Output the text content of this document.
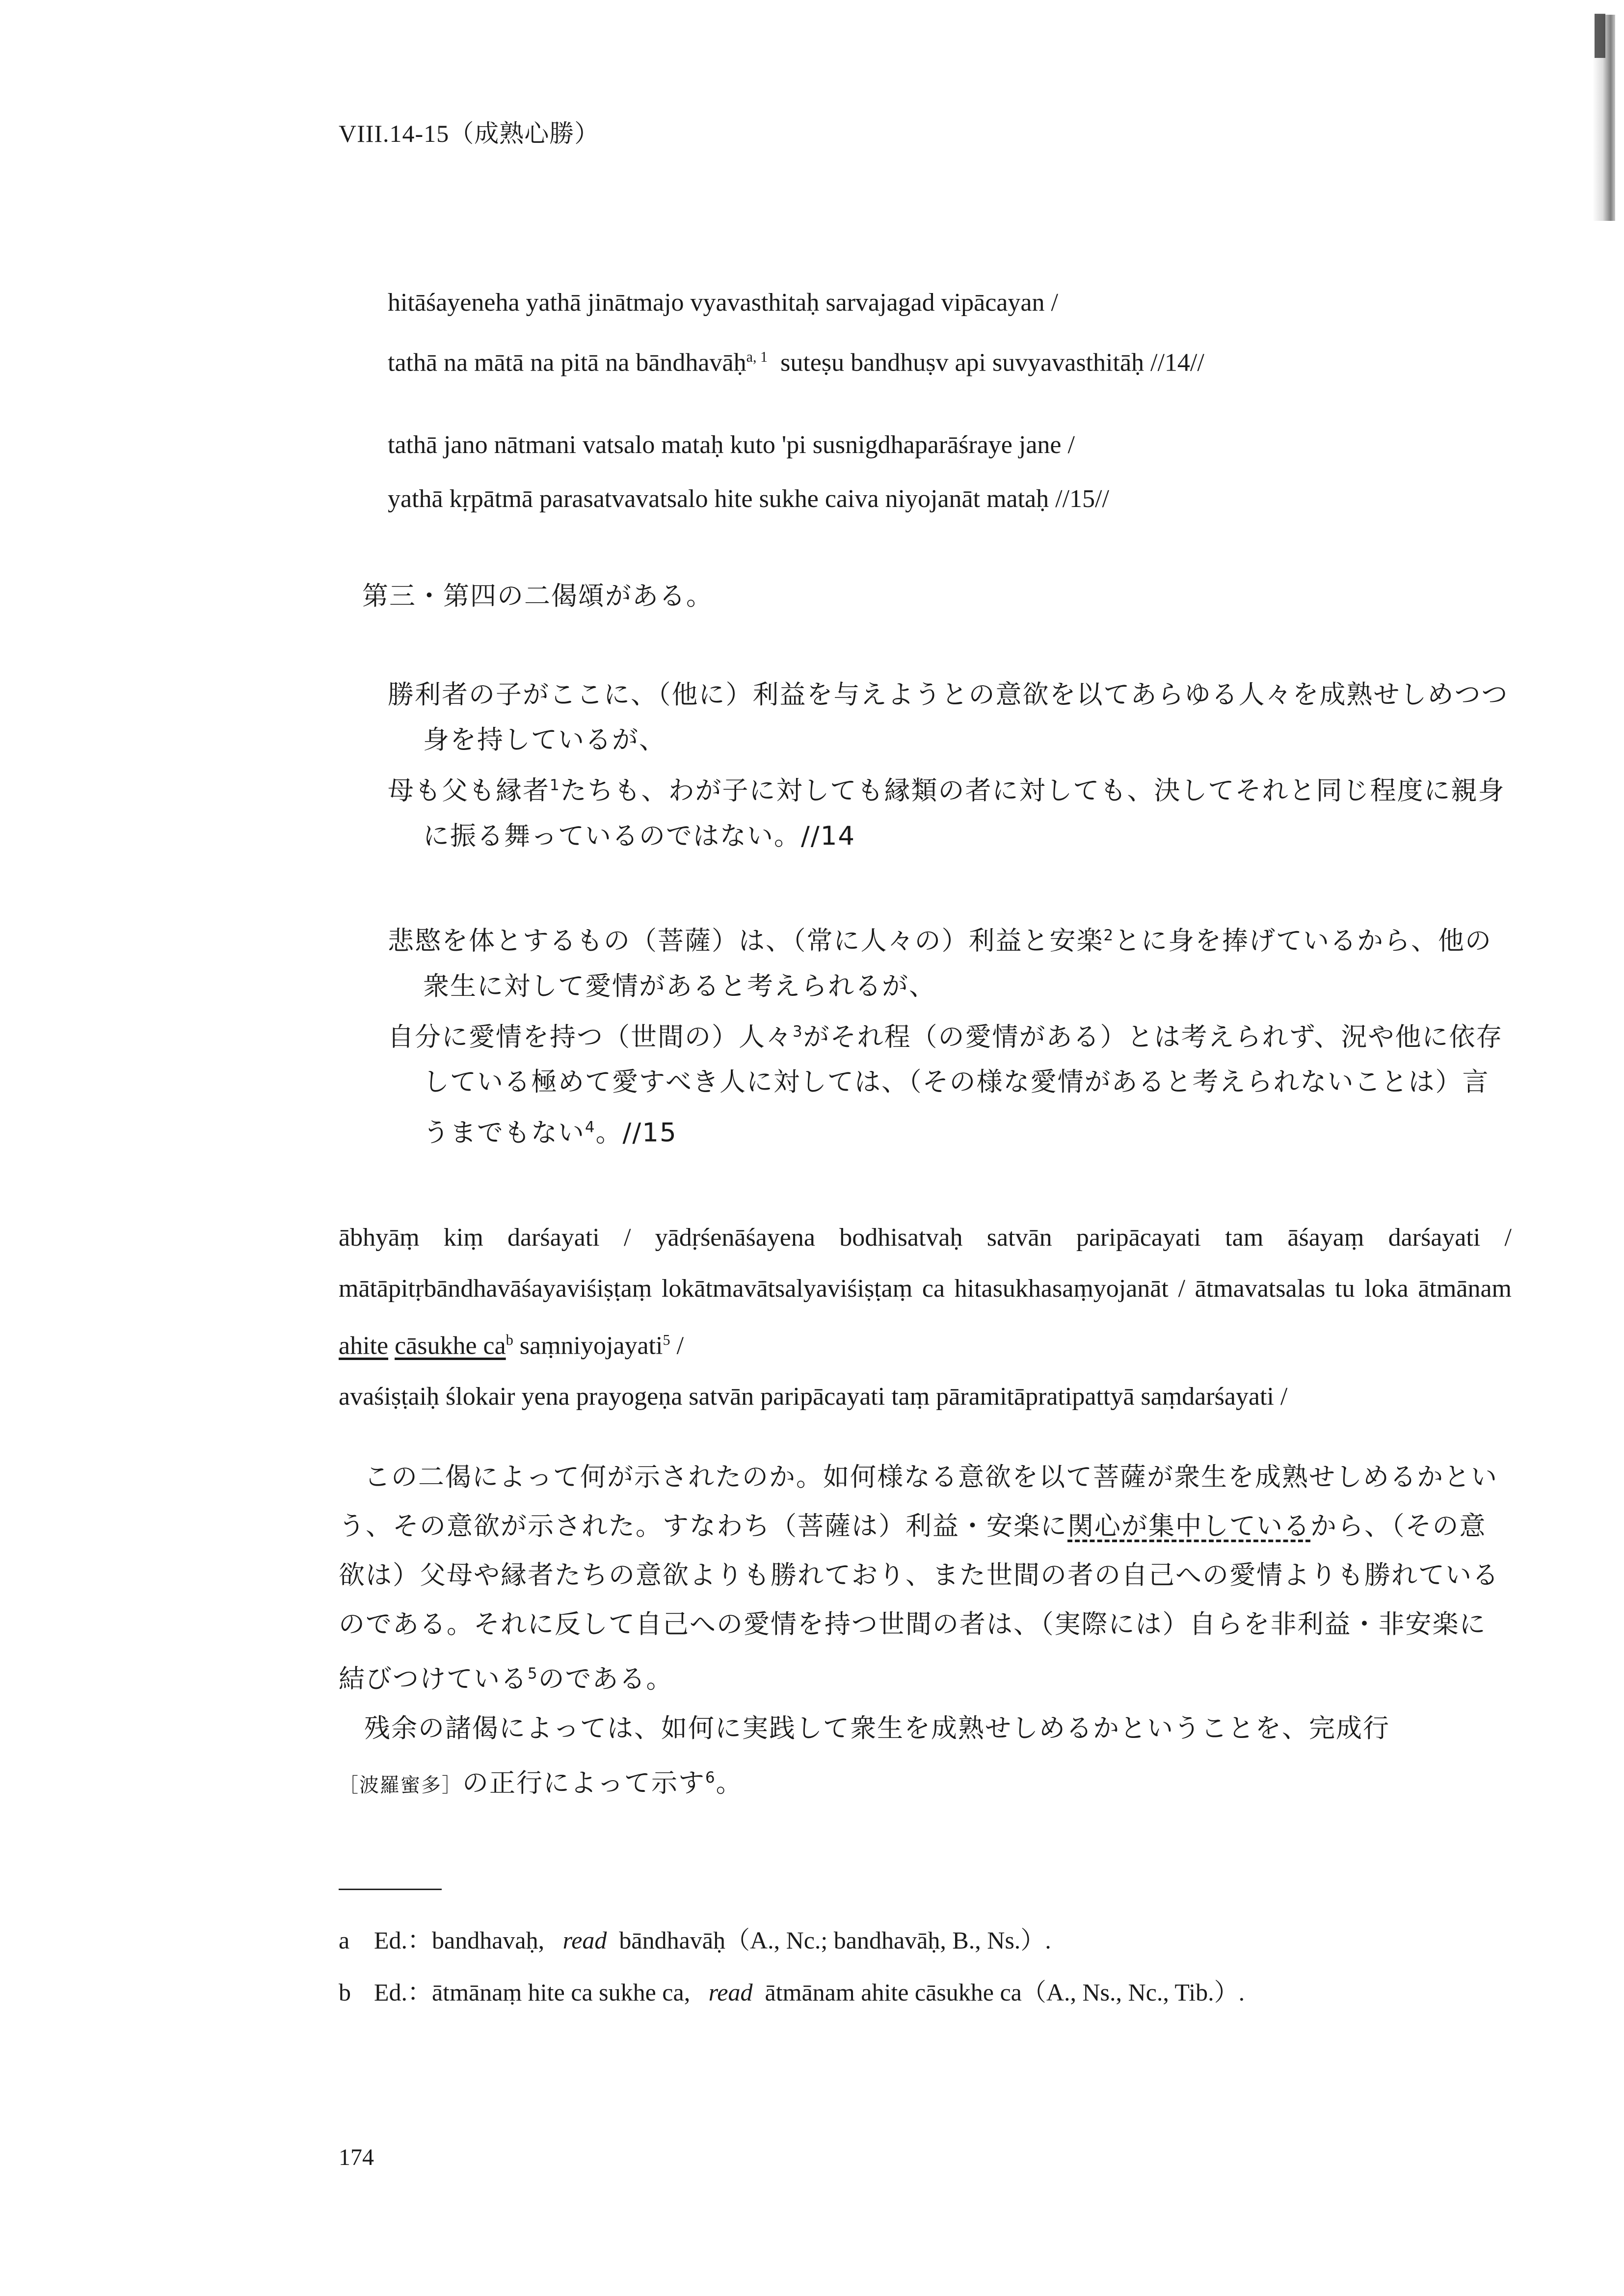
VIII.14-15（成熟心勝）
hitāśayeneha yathā jinātmajo vyavasthitaḥ sarvajagad vipācayan /
tathā na mātā na pitā na bāndhavāḥ$^{a, 1}$ suteṣu bandhuṣv api suvyavasthitāḥ //14//
tathā jano nātmani vatsalo mataḥ kuto 'pi susnigdhaparāśraye jane /
yathā kṛpātmā parasatvavatsalo hite sukhe caiva niyojanāt mataḥ //15//
第三・第四の二偈頌がある。

勝利者の子がここに、（他に）利益を与えようとの意欲を以てあらゆる人々を成熟せしめつつ身を持しているが、

母も父も縁者$^1$たちも、わが子に対しても縁類の者に対しても、決してそれと同じ程度に親身に振る舞っているのではない。//14

悲愍を体とするもの（菩薩）は、（常に人々の）利益と安楽$^2$とに身を捧げているから、他の衆生に対して愛情があると考えられるが、

自分に愛情を持つ（世間の）人々$^3$がそれ程（の愛情がある）とは考えられず、況や他に依存している極めて愛すべき人に対しては、（その様な愛情があると考えられないことは）言うまでもない$^4$。//15

ābhyāṃ kiṃ darśayati / yādṛśenāśayena bodhisatvaḥ satvān paripācayati tam āśayaṃ darśayati / mātāpitṛbāndhavāśayaviśiṣṭaṃ lokātmavātsalyaviśiṣṭaṃ ca hitasukhasaṃyojanāt / ātmavatsalas tu loka ātmānam ahite cāsukhe $ca^b$ saṃniyojayati$^5$ /

avaśiṣṭaiḥ ślokair yena prayogeṇa satvān paripācayati taṃ pāramitāpratipattyā saṃdarśayati /

この二偈によって何が示されたのか。如何様なる意欲を以て菩薩が衆生を成熟せしめるかという、その意欲が示された。すなわち（菩薩は）利益・安楽に関心が集中しているから、（その意欲は）父母や縁者たちの意欲よりも勝れており、また世間の者の自己への愛情よりも勝れているのである。それに反して自己への愛情を持つ世間の者は、（実際には）自らを非利益・非安楽に結びつけている$^5$のである。

残余の諸偈によっては、如何に実践して衆生を成熟せしめるかということを、完成行［波羅蜜多］の正行によって示す$^6$。

a Ed.：bandhavaḥ, read bāndhavāḥ（A., Nc.; bandhavāḥ, B., Ns.）.
b Ed.：ātmānaṃ hite ca sukhe ca, read ātmānam ahite cāsukhe ca（A., Ns., Nc., Tib.）.
174
